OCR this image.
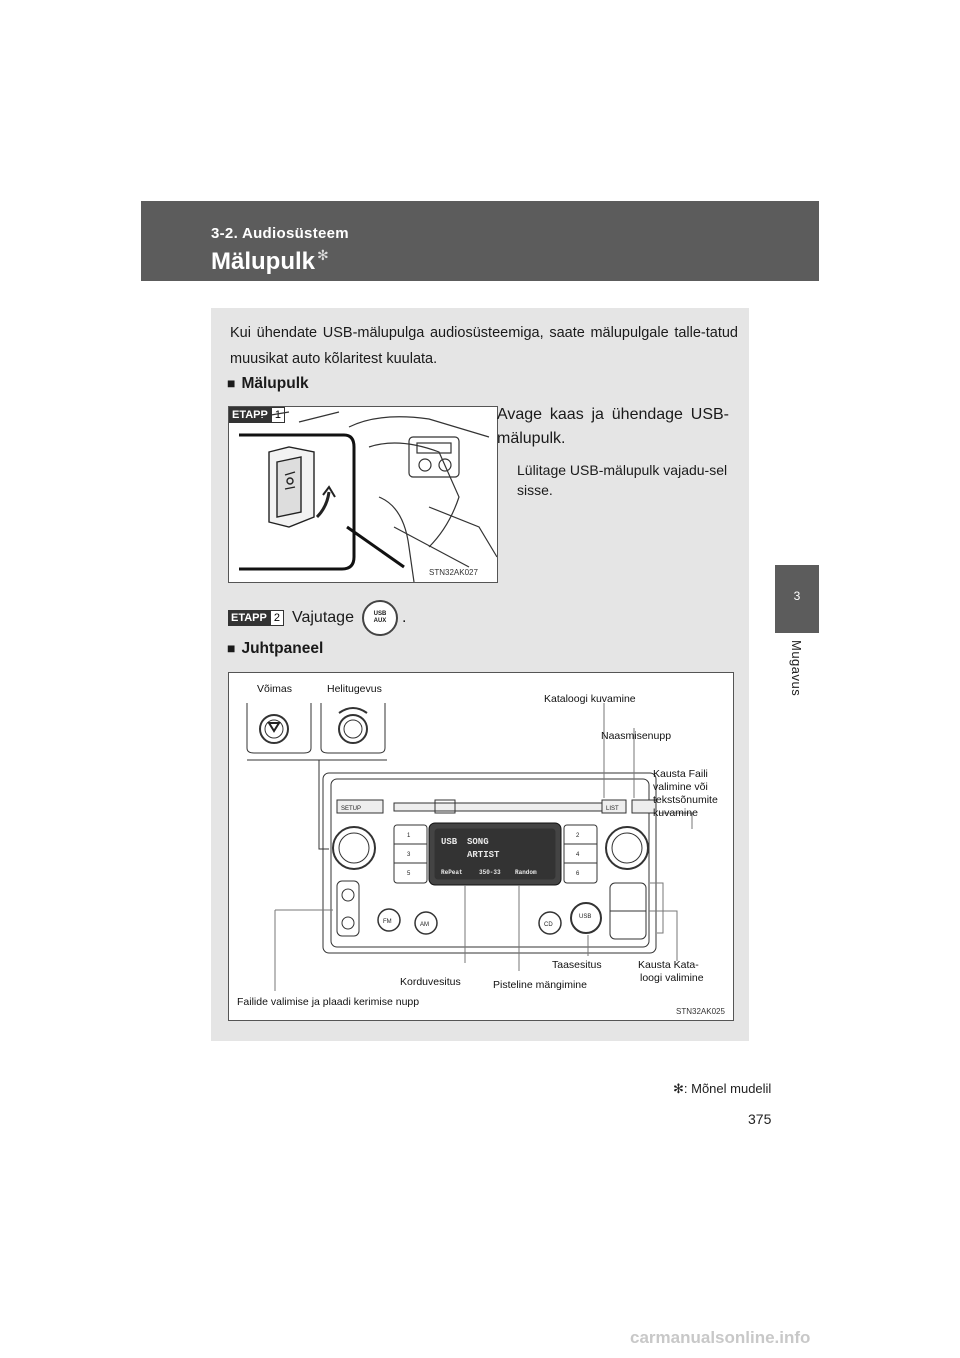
3-2. Audiosüsteem
Mälupulk ✻
3
Mugavus
Kui ühendate USB-mälupulga audiosüsteemiga, saate mälupulgale talle-tatud muusikat auto kõlaritest kuulata.
■ Mälupulk
ETAPP 1
STN32AK027
Avage kaas ja ühendage USB-mälupulk.
Lülitage USB-mälupulk vajadu-sel sisse.
ETAPP 2 Vajutage	USB
AUX .
■ Juhtpaneel
SETUP	LIST
FM	AM	CD
USB
1	2
3	4
5	6
USB SONG
ARTIST
RePeat	350-33 Random
Võimas	Helitugevus
Kataloogi kuvamine
Naasmisenupp
Kausta Faili
valimine või
tekstsõnumite
kuvamine
Taasesitus	Kausta Kata-
loogi valimine
Korduvesitus	Pisteline mängimine
Failide valimise ja plaadi kerimise nupp
STN32AK025
✻: Mõnel mudelil
375
carmanualsonline.info
